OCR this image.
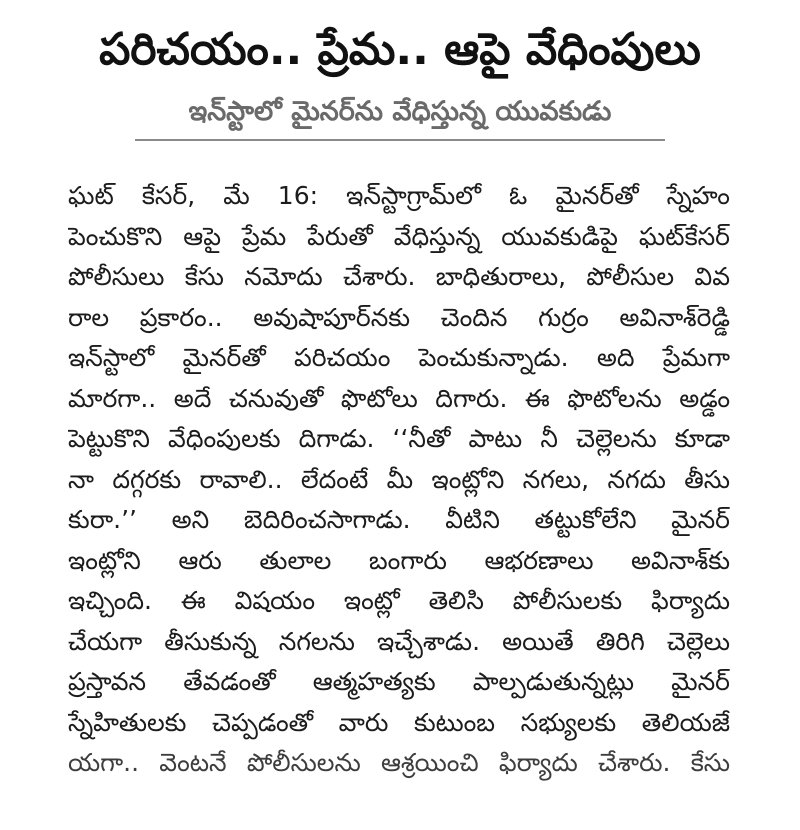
పరిచయం.. ప్రేమ.. ఆపై వేధింపులు
ఇన్‌స్టాలో మైనర్‌ను వేధిస్తున్న యువకుడు
ఘట్ కేసర్, మే 16: ఇన్‌స్టాగ్రామ్‌లో ఓ మైనర్‌తో స్నేహం
పెంచుకొని ఆపై ప్రేమ పేరుతో వేధిస్తున్న యువకుడిపై ఘట్‌కేసర్
పోలీసులు కేసు నమోదు చేశారు. బాధితురాలు, పోలీసుల వివ
రాల ప్రకారం.. అవుషాపూర్‌నకు చెందిన గుర్రం అవినాశ్‌రెడ్డి
ఇన్‌స్టాలో మైనర్‌తో పరిచయం పెంచుకున్నాడు. అది ప్రేమగా
మారగా.. అదే చనువుతో ఫొటోలు దిగారు. ఈ ఫొటోలను అడ్డం
పెట్టుకొని వేధింపులకు దిగాడు. ‘‘నీతో పాటు నీ చెల్లెలను కూడా
నా దగ్గరకు రావాలి.. లేదంటే మీ ఇంట్లోని నగలు, నగదు తీసు
కురా.’’ అని బెదిరించసాగాడు. వీటిని తట్టుకోలేని మైనర్
ఇంట్లోని ఆరు తులాల బంగారు ఆభరణాలు అవినాశ్‌కు
ఇచ్చింది. ఈ విషయం ఇంట్లో తెలిసి పోలీసులకు ఫిర్యాదు
చేయగా తీసుకున్న నగలను ఇచ్చేశాడు. అయితే తిరిగి చెల్లెలు
ప్రస్తావన తేవడంతో ఆత్మహత్యకు పాల్పడుతున్నట్లు మైనర్
స్నేహితులకు చెప్పడంతో వారు కుటుంబ సభ్యులకు తెలియజే
యగా.. వెంటనే పోలీసులను ఆశ్రయించి ఫిర్యాదు చేశారు. కేసు
